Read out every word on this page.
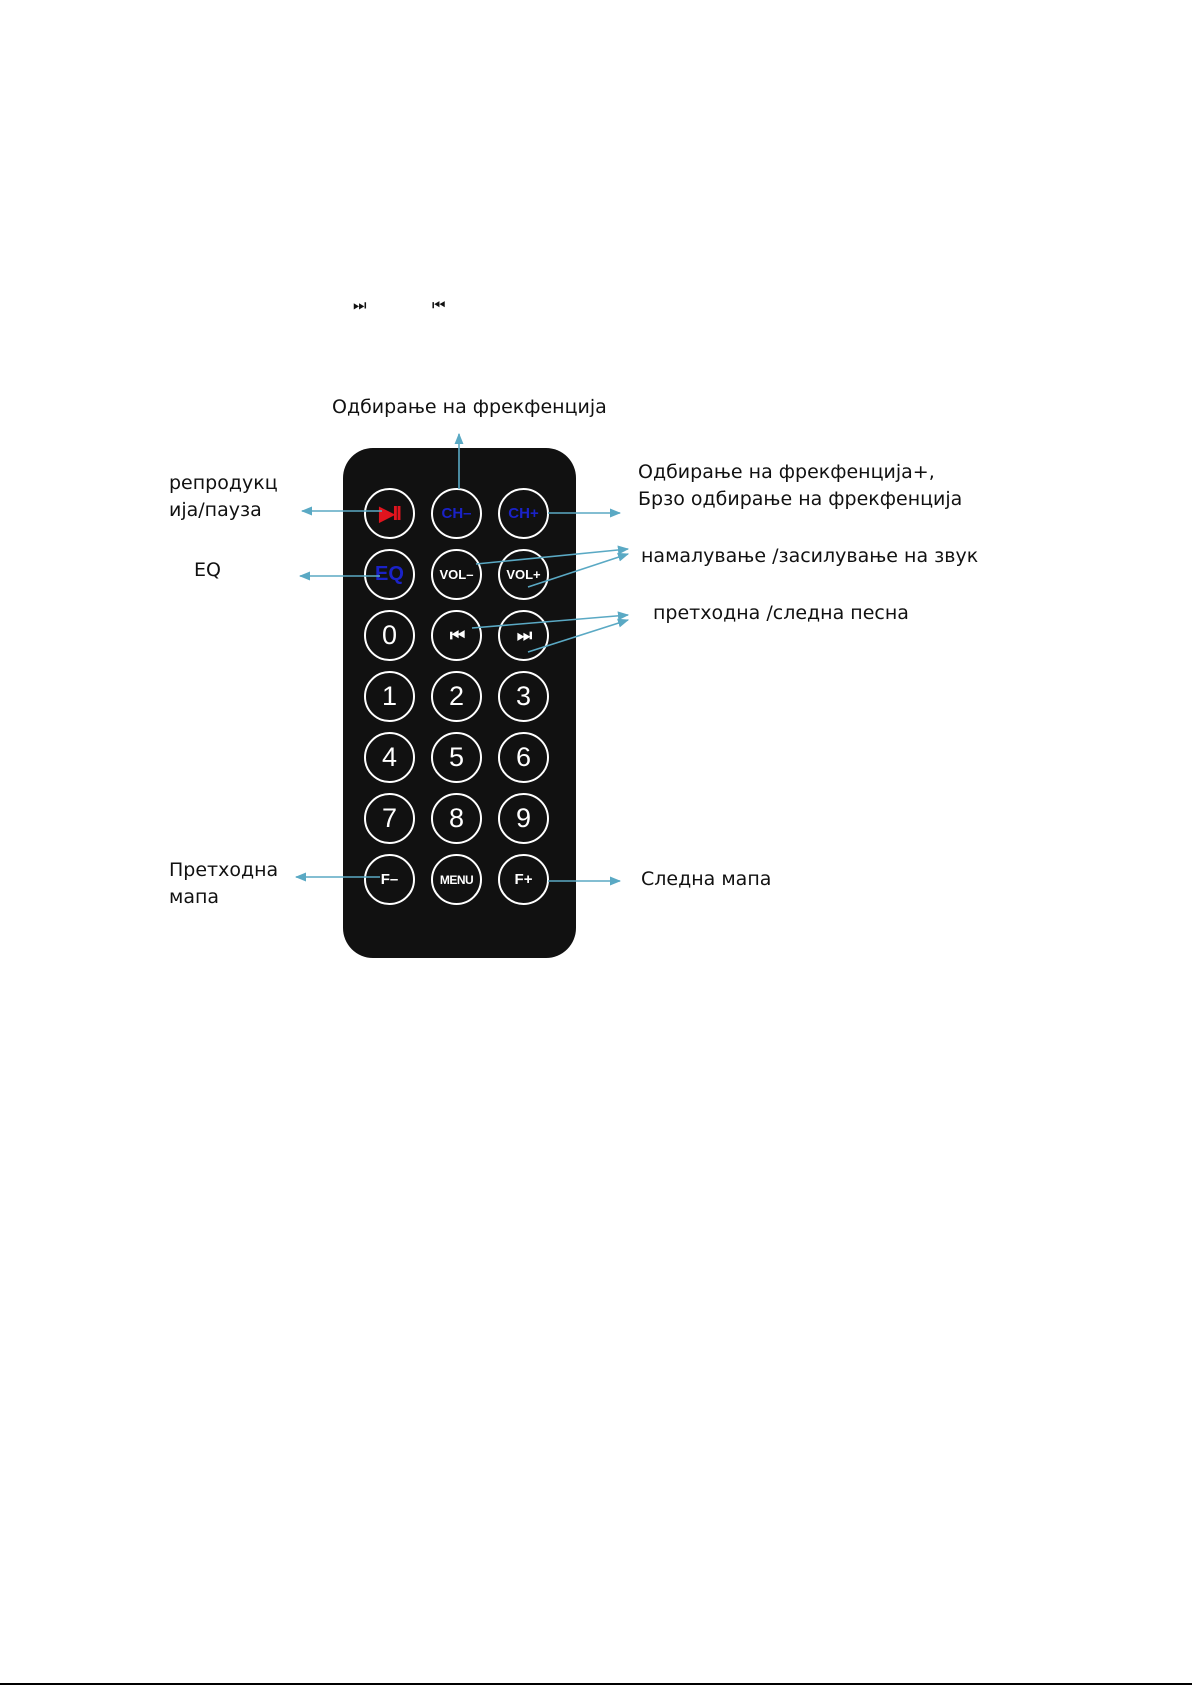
⏭	⏮
Одбирање на фрекфенција
репродукц
ија/пауза
Одбирање на фрекфенција+,
Брзо одбирање на фрекфенција
EQ
намалување /засилување на звук
претходна /следна песна
Претходна
мапа
Следна мапа
▶II	CH–	CH+
EQ	VOL–	VOL+
0	⏮	⏭
1	2	3
4	5	6
7	8	9
F–	MENU	F+
